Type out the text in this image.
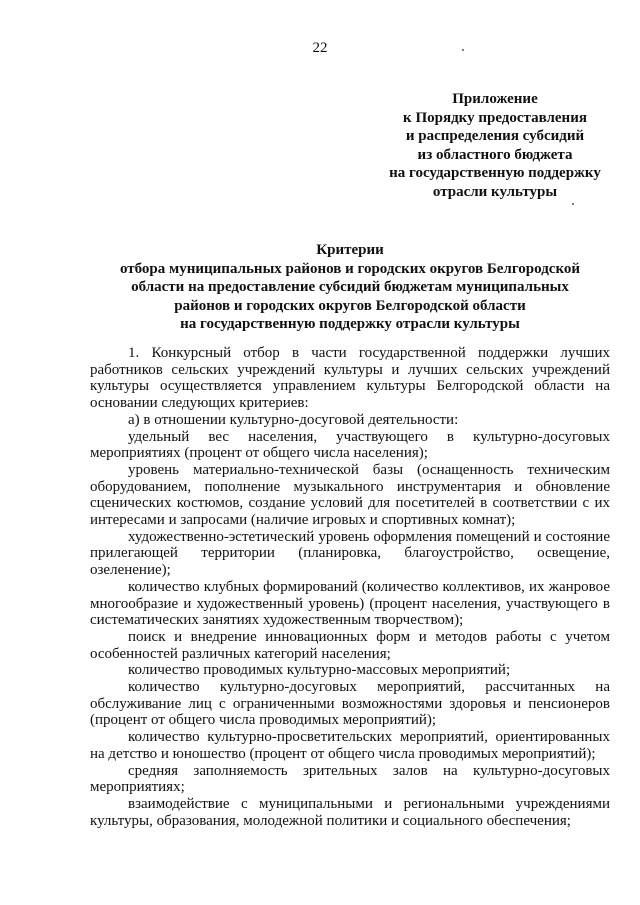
22
Приложение
к Порядку предоставления
и распределения субсидий
из областного бюджета
на государственную поддержку
отрасли культуры
Критерии
отбора муниципальных районов и городских округов Белгородской
области на предоставление субсидий бюджетам муниципальных
районов и городских округов Белгородской области
на государственную поддержку отрасли культуры

1. Конкурсный отбор в части государственной поддержки лучших работников сельских учреждений культуры и лучших сельских учреждений культуры осуществляется управлением культуры Белгородской области на основании следующих критериев:

а) в отношении культурно-досуговой деятельности:

удельный вес населения, участвующего в культурно-досуговых мероприятиях (процент от общего числа населения);

уровень материально-технической базы (оснащенность техническим оборудованием, пополнение музыкального инструментария и обновление сценических костюмов, создание условий для посетителей в соответствии с их интересами и запросами (наличие игровых и спортивных комнат);

художественно-эстетический уровень оформления помещений и состояние прилегающей территории (планировка, благоустройство, освещение, озеленение);

количество клубных формирований (количество коллективов, их жанровое многообразие и художественный уровень) (процент населения, участвующего в систематических занятиях художественным творчеством);

поиск и внедрение инновационных форм и методов работы с учетом особенностей различных категорий населения;

количество проводимых культурно-массовых мероприятий;

количество культурно-досуговых мероприятий, рассчитанных на обслуживание лиц с ограниченными возможностями здоровья и пенсионеров (процент от общего числа проводимых мероприятий);

количество культурно-просветительских мероприятий, ориентированных на детство и юношество (процент от общего числа проводимых мероприятий);

средняя заполняемость зрительных залов на культурно-досуговых мероприятиях;

взаимодействие с муниципальными и региональными учреждениями культуры, образования, молодежной политики и социального обеспечения;
